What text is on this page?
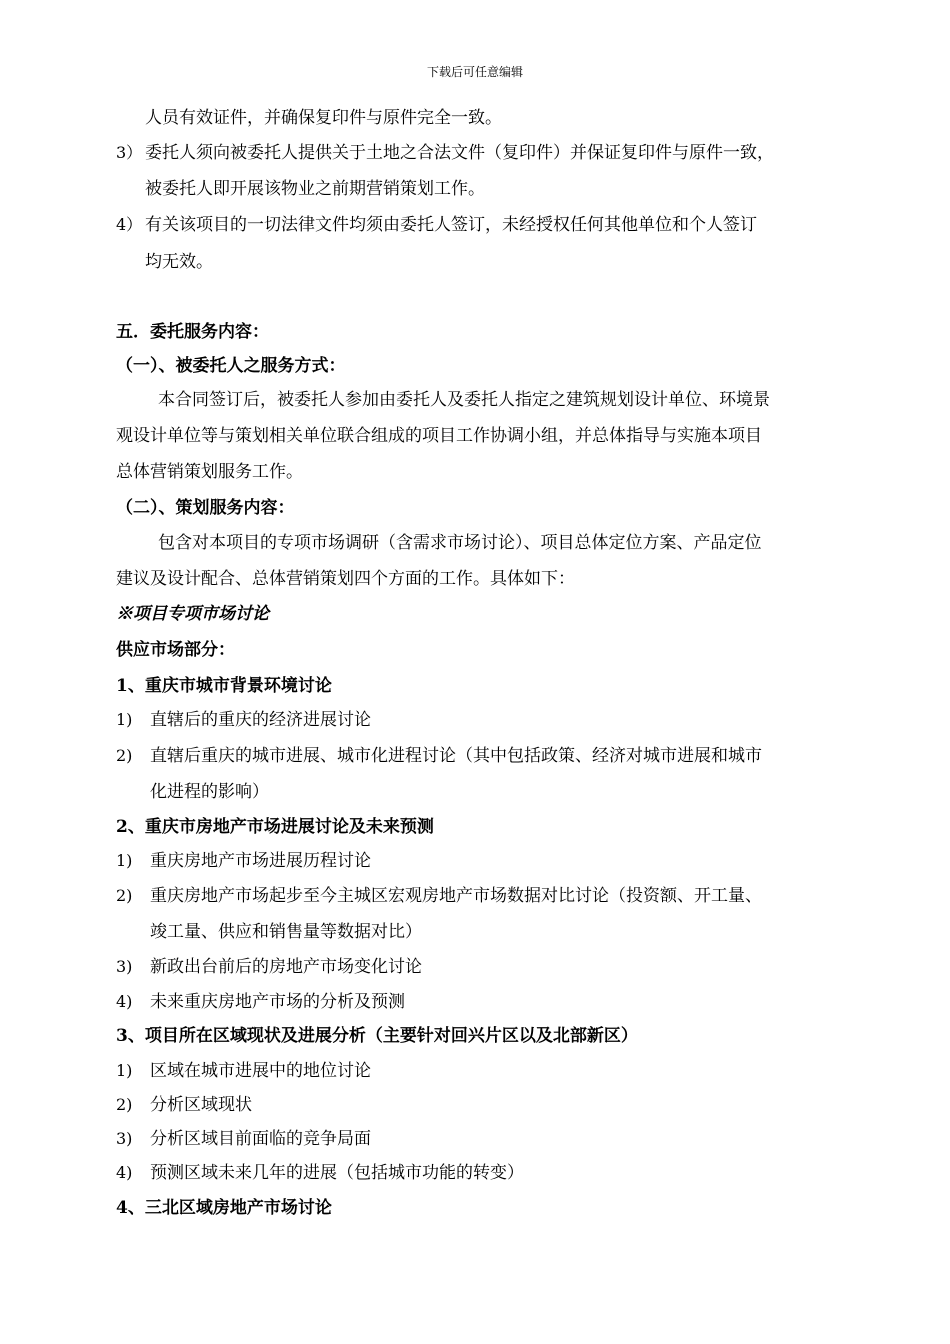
下载后可任意编辑
人员有效证件，并确保复印件与原件完全一致。
3） 委托人须向被委托人提供关于土地之合法文件（复印件）并保证复印件与原件一致，
被委托人即开展该物业之前期营销策划工作。
4） 有关该项目的一切法律文件均须由委托人签订，未经授权任何其他单位和个人签订
均无效。
五．委托服务内容：
（一）、被委托人之服务方式：
本合同签订后，被委托人参加由委托人及委托人指定之建筑规划设计单位、环境景
观设计单位等与策划相关单位联合组成的项目工作协调小组，并总体指导与实施本项目
总体营销策划服务工作。
（二）、策划服务内容：
包含对本项目的专项市场调研（含需求市场讨论）、项目总体定位方案、产品定位
建议及设计配合、总体营销策划四个方面的工作。具体如下：
※项目专项市场讨论
供应市场部分：
1、重庆市城市背景环境讨论
1) 直辖后的重庆的经济进展讨论
2) 直辖后重庆的城市进展、城市化进程讨论（其中包括政策、经济对城市进展和城市
化进程的影响）
2、重庆市房地产市场进展讨论及未来预测
1) 重庆房地产市场进展历程讨论
2) 重庆房地产市场起步至今主城区宏观房地产市场数据对比讨论（投资额、开工量、
竣工量、供应和销售量等数据对比）
3) 新政出台前后的房地产市场变化讨论
4) 未来重庆房地产市场的分析及预测
3、项目所在区域现状及进展分析（主要针对回兴片区以及北部新区）
1) 区域在城市进展中的地位讨论
2) 分析区域现状
3) 分析区域目前面临的竞争局面
4) 预测区域未来几年的进展（包括城市功能的转变）
4、三北区域房地产市场讨论
